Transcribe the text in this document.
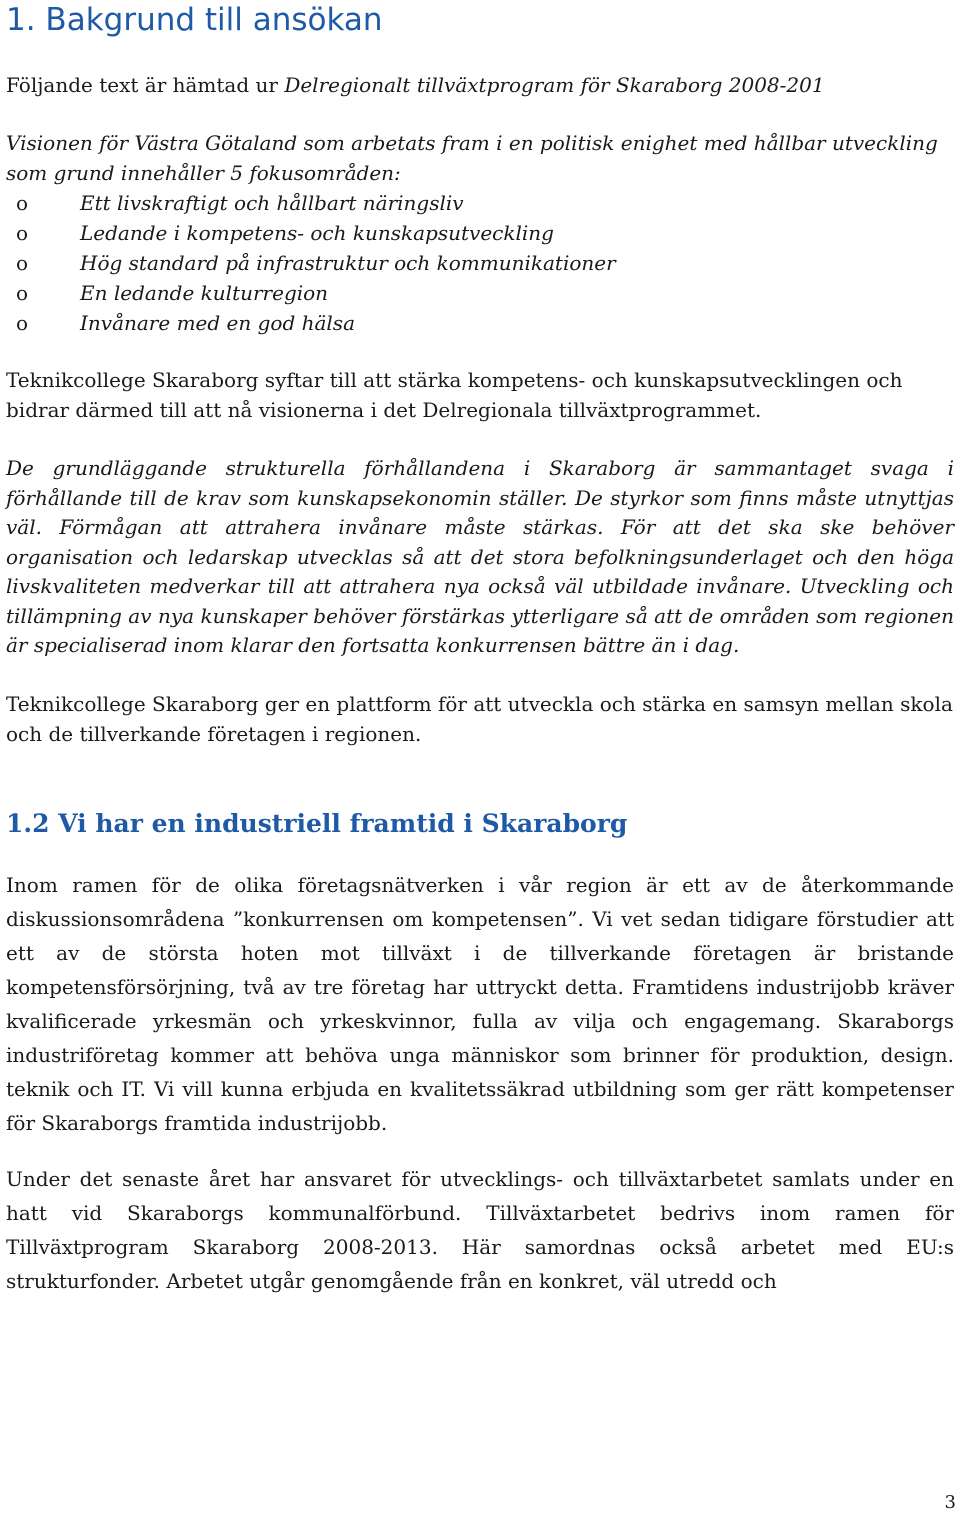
1. Bakgrund till ansökan

Följande text är hämtad ur Delregionalt tillväxtprogram för Skaraborg 2008-201

Visionen för Västra Götaland som arbetats fram i en politisk enighet med hållbar utveckling som grund innehåller 5 fokusområden:

o	Ett livskraftigt och hållbart näringsliv
o	Ledande i kompetens- och kunskapsutveckling
o	Hög standard på infrastruktur och kommunikationer
o	En ledande kulturregion
o	Invånare med en god hälsa

Teknikcollege Skaraborg syftar till att stärka kompetens- och kunskapsutvecklingen och bidrar därmed till att nå visionerna i det Delregionala tillväxtprogrammet.

De grundläggande strukturella förhållandena i Skaraborg är sammantaget svaga i förhållande till de krav som kunskapsekonomin ställer. De styrkor som finns måste utnyttjas väl. Förmågan att attrahera invånare måste stärkas. För att det ska ske behöver organisation och ledarskap utvecklas så att det stora befolkningsunderlaget och den höga livskvaliteten medverkar till att attrahera nya också väl utbildade invånare. Utveckling och tillämpning av nya kunskaper behöver förstärkas ytterligare så att de områden som regionen är specialiserad inom klarar den fortsatta konkurrensen bättre än i dag.

Teknikcollege Skaraborg ger en plattform för att utveckla och stärka en samsyn mellan skola och de tillverkande företagen i regionen.

1.2 Vi har en industriell framtid i Skaraborg

Inom ramen för de olika företagsnätverken i vår region är ett av de återkommande diskussionsområdena ”konkurrensen om kompetensen”. Vi vet sedan tidigare förstudier att ett av de största hoten mot tillväxt i de tillverkande företagen är bristande kompetensförsörjning, två av tre företag har uttryckt detta. Framtidens industrijobb kräver kvalificerade yrkesmän och yrkeskvinnor, fulla av vilja och engagemang. Skaraborgs industriföretag kommer att behöva unga människor som brinner för produktion, design. teknik och IT. Vi vill kunna erbjuda en kvalitetssäkrad utbildning som ger rätt kompetenser för Skaraborgs framtida industrijobb.

Under det senaste året har ansvaret för utvecklings- och tillväxtarbetet samlats under en hatt vid Skaraborgs kommunalförbund. Tillväxtarbetet bedrivs inom ramen för Tillväxtprogram Skaraborg 2008-2013. Här samordnas också arbetet med EU:s strukturfonder. Arbetet utgår genomgående från en konkret, väl utredd och

3
